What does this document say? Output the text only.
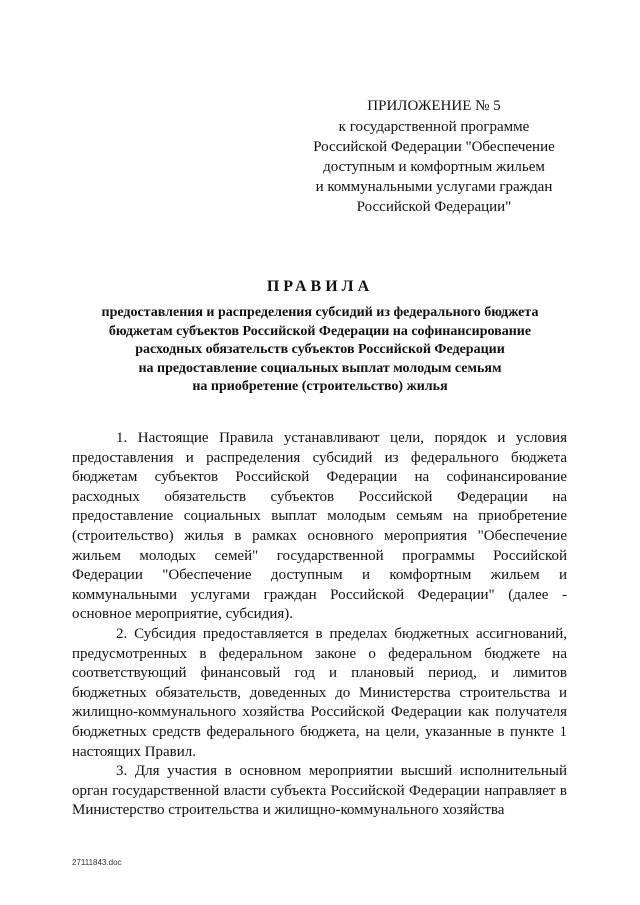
ПРИЛОЖЕНИЕ № 5
к государственной программе
Российской Федерации "Обеспечение
доступным и комфортным жильем
и коммунальными услугами граждан
Российской Федерации"
ПРАВИЛА
предоставления и распределения субсидий из федерального бюджета
бюджетам субъектов Российской Федерации на софинансирование
расходных обязательств субъектов Российской Федерации
на предоставление социальных выплат молодым семьям
на приобретение (строительство) жилья

1. Настоящие Правила устанавливают цели, порядок и условия предоставления и распределения субсидий из федерального бюджета бюджетам субъектов Российской Федерации на софинансирование расходных обязательств субъектов Российской Федерации на предоставление социальных выплат молодым семьям на приобретение (строительство) жилья в рамках основного мероприятия "Обеспечение жильем молодых семей" государственной программы Российской Федерации "Обеспечение доступным и комфортным жильем и коммунальными услугами граждан Российской Федерации" (далее - основное мероприятие, субсидия).

2. Субсидия предоставляется в пределах бюджетных ассигнований, предусмотренных в федеральном законе о федеральном бюджете на соответствующий финансовый год и плановый период, и лимитов бюджетных обязательств, доведенных до Министерства строительства и жилищно-коммунального хозяйства Российской Федерации как получателя бюджетных средств федерального бюджета, на цели, указанные в пункте 1 настоящих Правил.

3. Для участия в основном мероприятии высший исполнительный орган государственной власти субъекта Российской Федерации направляет в Министерство строительства и жилищно-коммунального хозяйства

27111843.doc
